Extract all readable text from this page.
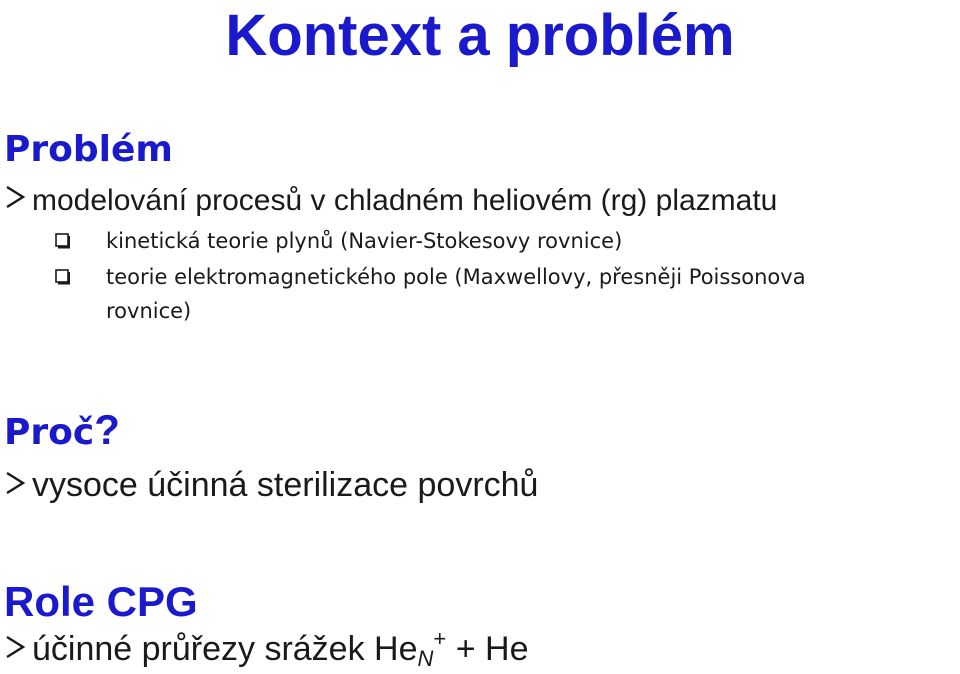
Kontext a problém
Problém
modelování procesů v chladném heliovém (rg) plazmatu
kinetická teorie plynů (Navier-Stokesovy rovnice)
teorie elektromagnetického pole (Maxwellovy, přesněji Poissonova
rovnice)
Proč?
vysoce účinná sterilizace povrchů
Role CPG
účinné průřezy srážek HeN+ + He
